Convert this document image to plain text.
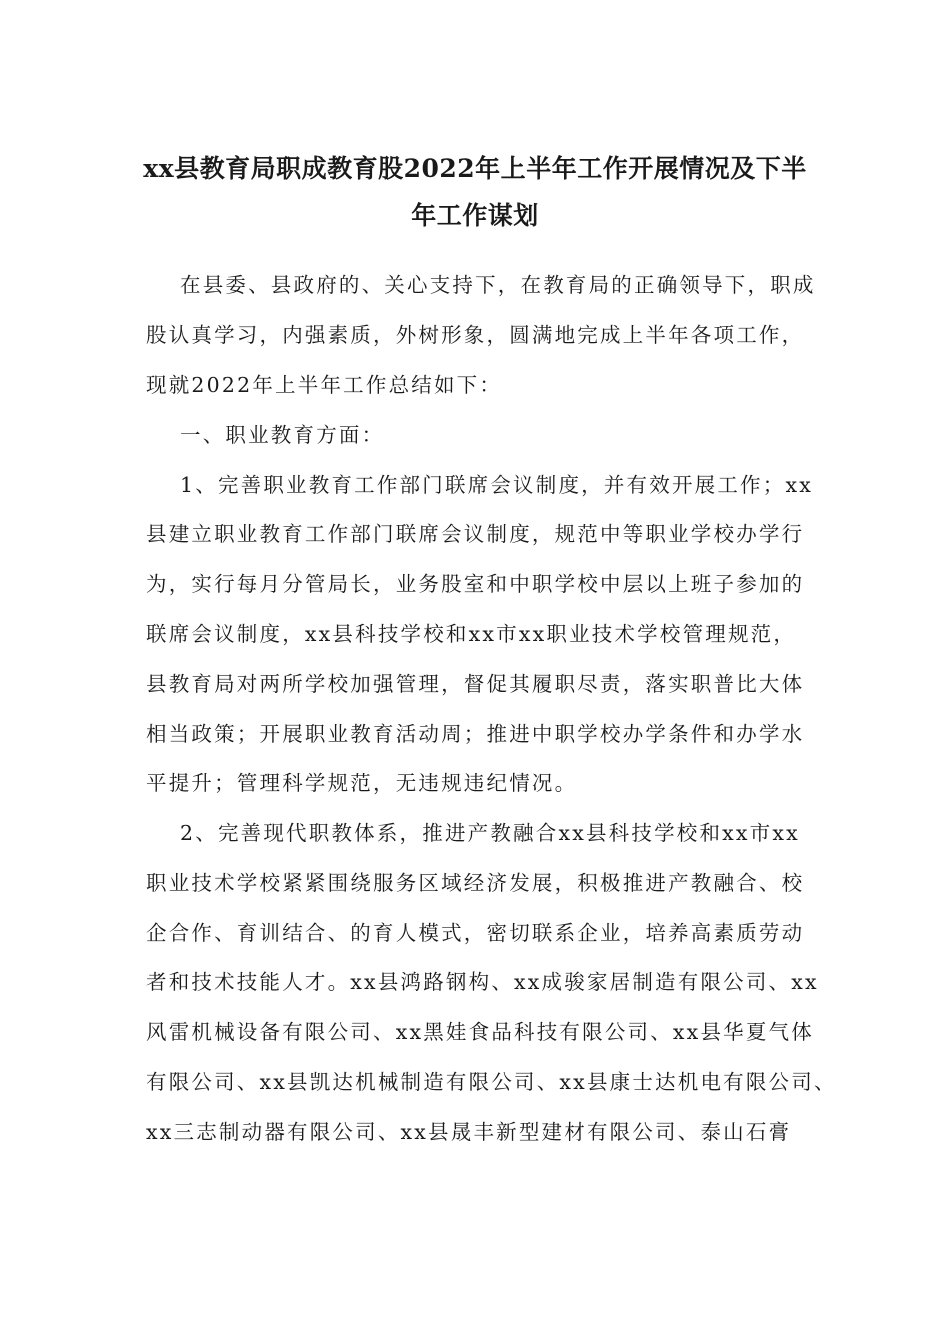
xx县教育局职成教育股2022年上半年工作开展情况及下半
年工作谋划
在县委、县政府的、关心支持下，在教育局的正确领导下，职成
股认真学习，内强素质，外树形象，圆满地完成上半年各项工作，
现就2022年上半年工作总结如下：
一、职业教育方面：
1、完善职业教育工作部门联席会议制度，并有效开展工作；xx
县建立职业教育工作部门联席会议制度，规范中等职业学校办学行
为，实行每月分管局长，业务股室和中职学校中层以上班子参加的
联席会议制度，xx县科技学校和xx市xx职业技术学校管理规范，
县教育局对两所学校加强管理，督促其履职尽责，落实职普比大体
相当政策；开展职业教育活动周；推进中职学校办学条件和办学水
平提升；管理科学规范，无违规违纪情况。
2、完善现代职教体系，推进产教融合xx县科技学校和xx市xx
职业技术学校紧紧围绕服务区域经济发展，积极推进产教融合、校
企合作、育训结合、的育人模式，密切联系企业，培养高素质劳动
者和技术技能人才。xx县鸿路钢构、xx成骏家居制造有限公司、xx
风雷机械设备有限公司、xx黑娃食品科技有限公司、xx县华夏气体
有限公司、xx县凯达机械制造有限公司、xx县康士达机电有限公司、
xx三志制动器有限公司、xx县晟丰新型建材有限公司、泰山石膏
